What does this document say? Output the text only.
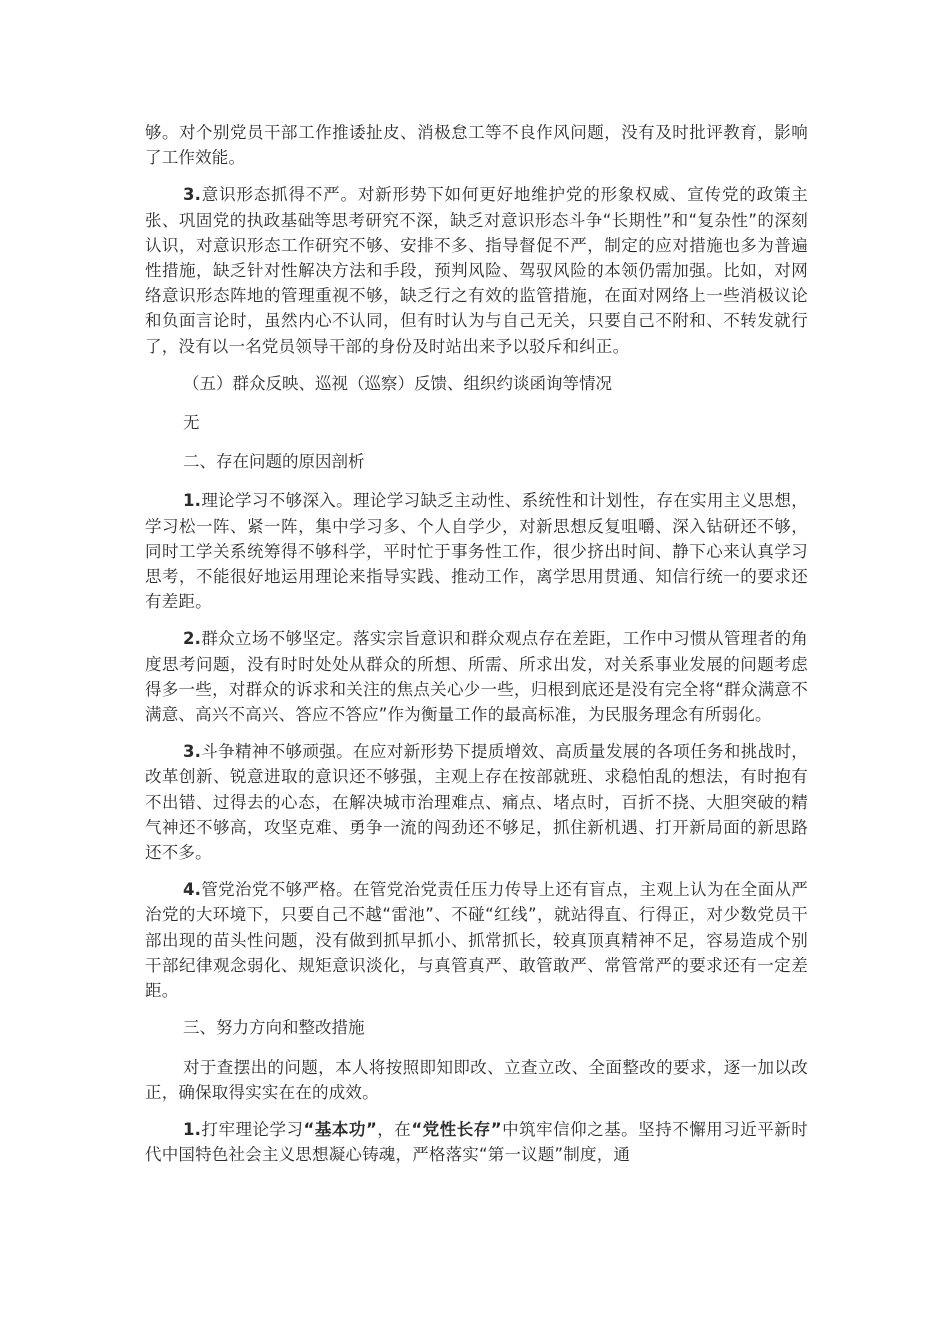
够。对个别党员干部工作推诿扯皮、消极怠工等不良作风问题，没有及时批评教育，影响了工作效能。

3.意识形态抓得不严。对新形势下如何更好地维护党的形象权威、宣传党的政策主张、巩固党的执政基础等思考研究不深，缺乏对意识形态斗争“长期性”和“复杂性”的深刻认识，对意识形态工作研究不够、安排不多、指导督促不严，制定的应对措施也多为普遍性措施，缺乏针对性解决方法和手段，预判风险、驾驭风险的本领仍需加强。比如，对网络意识形态阵地的管理重视不够，缺乏行之有效的监管措施，在面对网络上一些消极议论和负面言论时，虽然内心不认同，但有时认为与自己无关，只要自己不附和、不转发就行了，没有以一名党员领导干部的身份及时站出来予以驳斥和纠正。

（五）群众反映、巡视（巡察）反馈、组织约谈函询等情况

无

二、存在问题的原因剖析

1.理论学习不够深入。理论学习缺乏主动性、系统性和计划性，存在实用主义思想，学习松一阵、紧一阵，集中学习多、个人自学少，对新思想反复咀嚼、深入钻研还不够，同时工学关系统筹得不够科学，平时忙于事务性工作，很少挤出时间、静下心来认真学习思考，不能很好地运用理论来指导实践、推动工作，离学思用贯通、知信行统一的要求还有差距。

2.群众立场不够坚定。落实宗旨意识和群众观点存在差距，工作中习惯从管理者的角度思考问题，没有时时处处从群众的所想、所需、所求出发，对关系事业发展的问题考虑得多一些，对群众的诉求和关注的焦点关心少一些，归根到底还是没有完全将“群众满意不满意、高兴不高兴、答应不答应”作为衡量工作的最高标准，为民服务理念有所弱化。

3.斗争精神不够顽强。在应对新形势下提质增效、高质量发展的各项任务和挑战时，改革创新、锐意进取的意识还不够强，主观上存在按部就班、求稳怕乱的想法，有时抱有不出错、过得去的心态，在解决城市治理难点、痛点、堵点时，百折不挠、大胆突破的精气神还不够高，攻坚克难、勇争一流的闯劲还不够足，抓住新机遇、打开新局面的新思路还不多。

4.管党治党不够严格。在管党治党责任压力传导上还有盲点，主观上认为在全面从严治党的大环境下，只要自己不越“雷池”、不碰“红线”，就站得直、行得正，对少数党员干部出现的苗头性问题，没有做到抓早抓小、抓常抓长，较真顶真精神不足，容易造成个别干部纪律观念弱化、规矩意识淡化，与真管真严、敢管敢严、常管常严的要求还有一定差距。

三、努力方向和整改措施

对于查摆出的问题，本人将按照即知即改、立查立改、全面整改的要求，逐一加以改正，确保取得实实在在的成效。

1.打牢理论学习“基本功”，在“党性长存”中筑牢信仰之基。坚持不懈用习近平新时代中国特色社会主义思想凝心铸魂，严格落实“第一议题”制度，通
